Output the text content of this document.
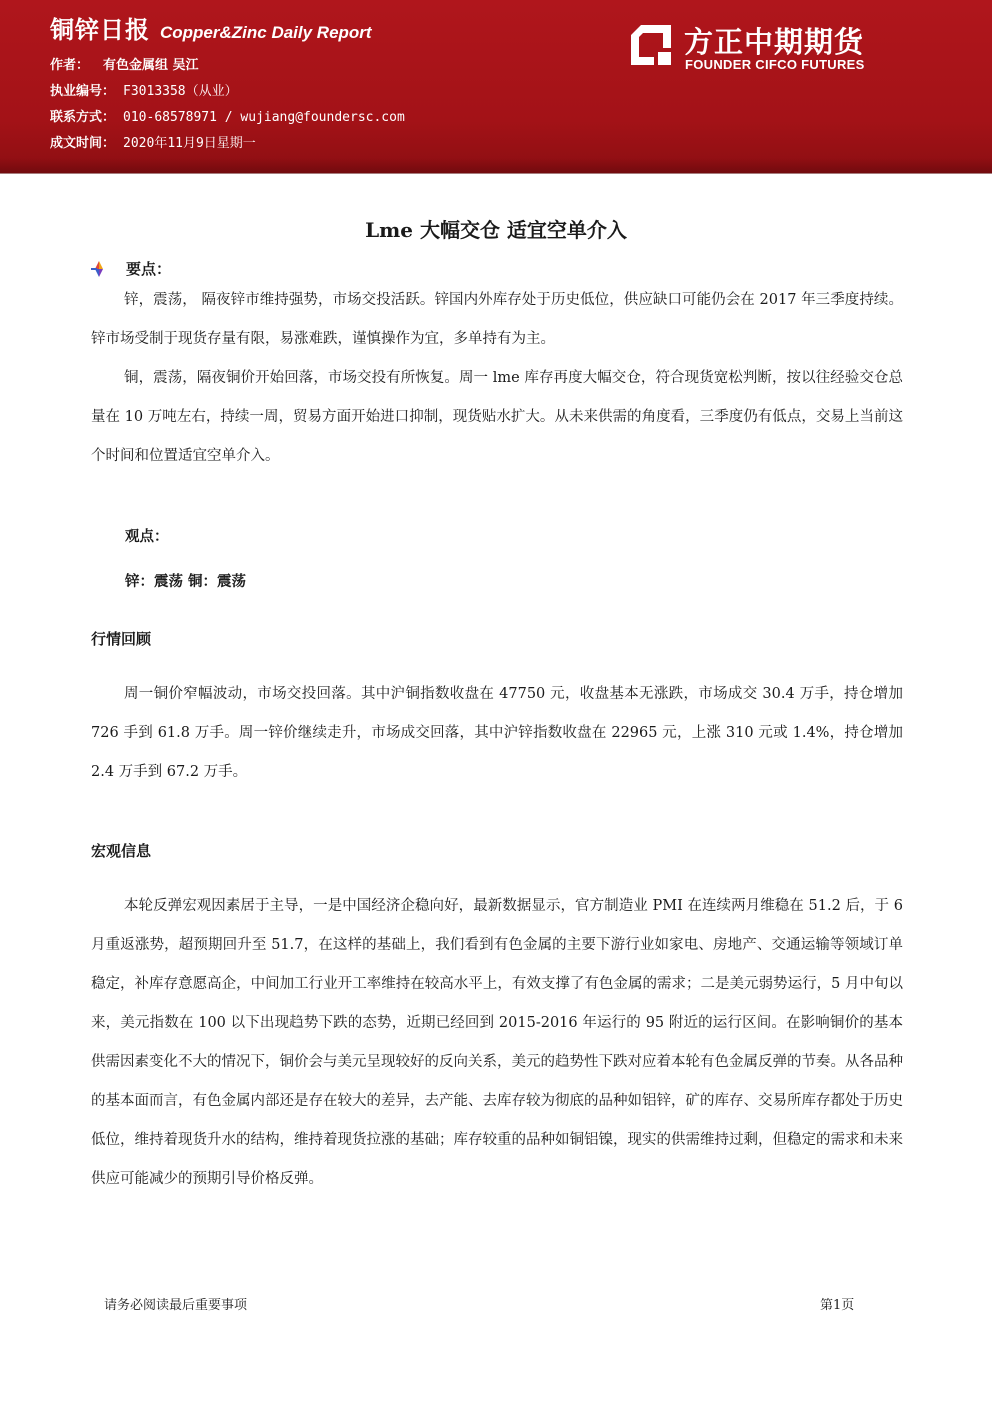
铜锌日报 Copper&Zinc Daily Report
作者： 有色金属组 吴江
执业编号： F3013358（从业）
联系方式： 010-68578971 / wujiang@foundersc.com
成文时间： 2020年11月9日星期一
方正中期期货
FOUNDER CIFCO FUTURES
Lme 大幅交仓 适宜空单介入
要点：

锌，震荡， 隔夜锌市维持强势，市场交投活跃。锌国内外库存处于历史低位，供应缺口可能仍会在 2017 年三季度持续。锌市场受制于现货存量有限，易涨难跌，谨慎操作为宜，多单持有为主。

铜，震荡，隔夜铜价开始回落，市场交投有所恢复。周一 lme 库存再度大幅交仓，符合现货宽松判断，按以往经验交仓总量在 10 万吨左右，持续一周，贸易方面开始进口抑制，现货贴水扩大。从未来供需的角度看，三季度仍有低点，交易上当前这个时间和位置适宜空单介入。

观点：
锌：震荡 铜：震荡
行情回顾

周一铜价窄幅波动，市场交投回落。其中沪铜指数收盘在 47750 元，收盘基本无涨跌，市场成交 30.4 万手，持仓增加 726 手到 61.8 万手。周一锌价继续走升，市场成交回落，其中沪锌指数收盘在 22965 元，上涨 310 元或 1.4%，持仓增加 2.4 万手到 67.2 万手。

宏观信息

本轮反弹宏观因素居于主导，一是中国经济企稳向好，最新数据显示，官方制造业 PMI 在连续两月维稳在 51.2 后，于 6 月重返涨势，超预期回升至 51.7，在这样的基础上，我们看到有色金属的主要下游行业如家电、房地产、交通运输等领域订单稳定，补库存意愿高企，中间加工行业开工率维持在较高水平上，有效支撑了有色金属的需求；二是美元弱势运行，5 月中旬以来，美元指数在 100 以下出现趋势下跌的态势，近期已经回到 2015-2016 年运行的 95 附近的运行区间。在影响铜价的基本供需因素变化不大的情况下，铜价会与美元呈现较好的反向关系，美元的趋势性下跌对应着本轮有色金属反弹的节奏。从各品种的基本面而言，有色金属内部还是存在较大的差异，去产能、去库存较为彻底的品种如铝锌，矿的库存、交易所库存都处于历史低位，维持着现货升水的结构，维持着现货拉涨的基础；库存较重的品种如铜铝镍，现实的供需维持过剩，但稳定的需求和未来供应可能减少的预期引导价格反弹。

请务必阅读最后重要事项	第1页
